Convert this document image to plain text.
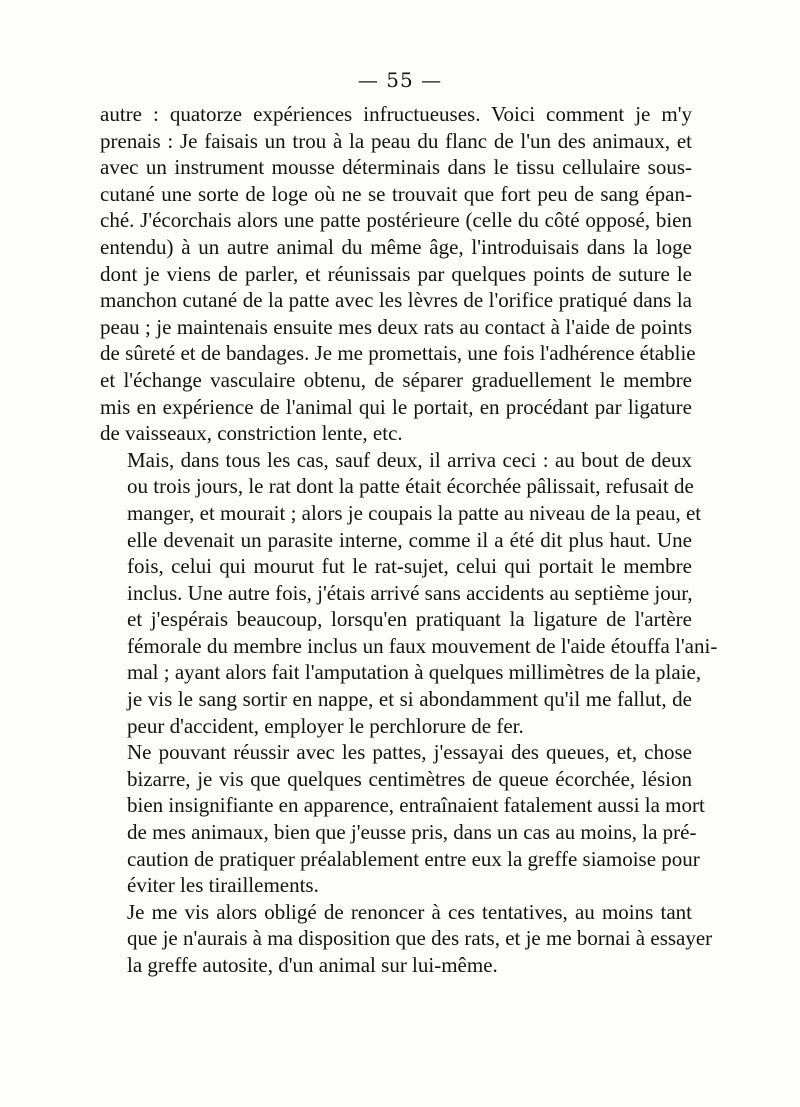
— 55 —

autre : quatorze expériences infructueuses. Voici comment je m'y
prenais : Je faisais un trou à la peau du flanc de l'un des animaux, et
avec un instrument mousse déterminais dans le tissu cellulaire sous-
cutané une sorte de loge où ne se trouvait que fort peu de sang épan-
ché. J'écorchais alors une patte postérieure (celle du côté opposé, bien
entendu) à un autre animal du même âge, l'introduisais dans la loge
dont je viens de parler, et réunissais par quelques points de suture le
manchon cutané de la patte avec les lèvres de l'orifice pratiqué dans la
peau ; je maintenais ensuite mes deux rats au contact à l'aide de points
de sûreté et de bandages. Je me promettais, une fois l'adhérence établie
et l'échange vasculaire obtenu, de séparer graduellement le membre
mis en expérience de l'animal qui le portait, en procédant par ligature
de vaisseaux, constriction lente, etc.

Mais, dans tous les cas, sauf deux, il arriva ceci : au bout de deux
ou trois jours, le rat dont la patte était écorchée pâlissait, refusait de
manger, et mourait ; alors je coupais la patte au niveau de la peau, et
elle devenait un parasite interne, comme il a été dit plus haut. Une
fois, celui qui mourut fut le rat-sujet, celui qui portait le membre
inclus. Une autre fois, j'étais arrivé sans accidents au septième jour,
et j'espérais beaucoup, lorsqu'en pratiquant la ligature de l'artère
fémorale du membre inclus un faux mouvement de l'aide étouffa l'ani-
mal ; ayant alors fait l'amputation à quelques millimètres de la plaie,
je vis le sang sortir en nappe, et si abondamment qu'il me fallut, de
peur d'accident, employer le perchlorure de fer.

Ne pouvant réussir avec les pattes, j'essayai des queues, et, chose
bizarre, je vis que quelques centimètres de queue écorchée, lésion
bien insignifiante en apparence, entraînaient fatalement aussi la mort
de mes animaux, bien que j'eusse pris, dans un cas au moins, la pré-
caution de pratiquer préalablement entre eux la greffe siamoise pour
éviter les tiraillements.

Je me vis alors obligé de renoncer à ces tentatives, au moins tant
que je n'aurais à ma disposition que des rats, et je me bornai à essayer
la greffe autosite, d'un animal sur lui-même.
